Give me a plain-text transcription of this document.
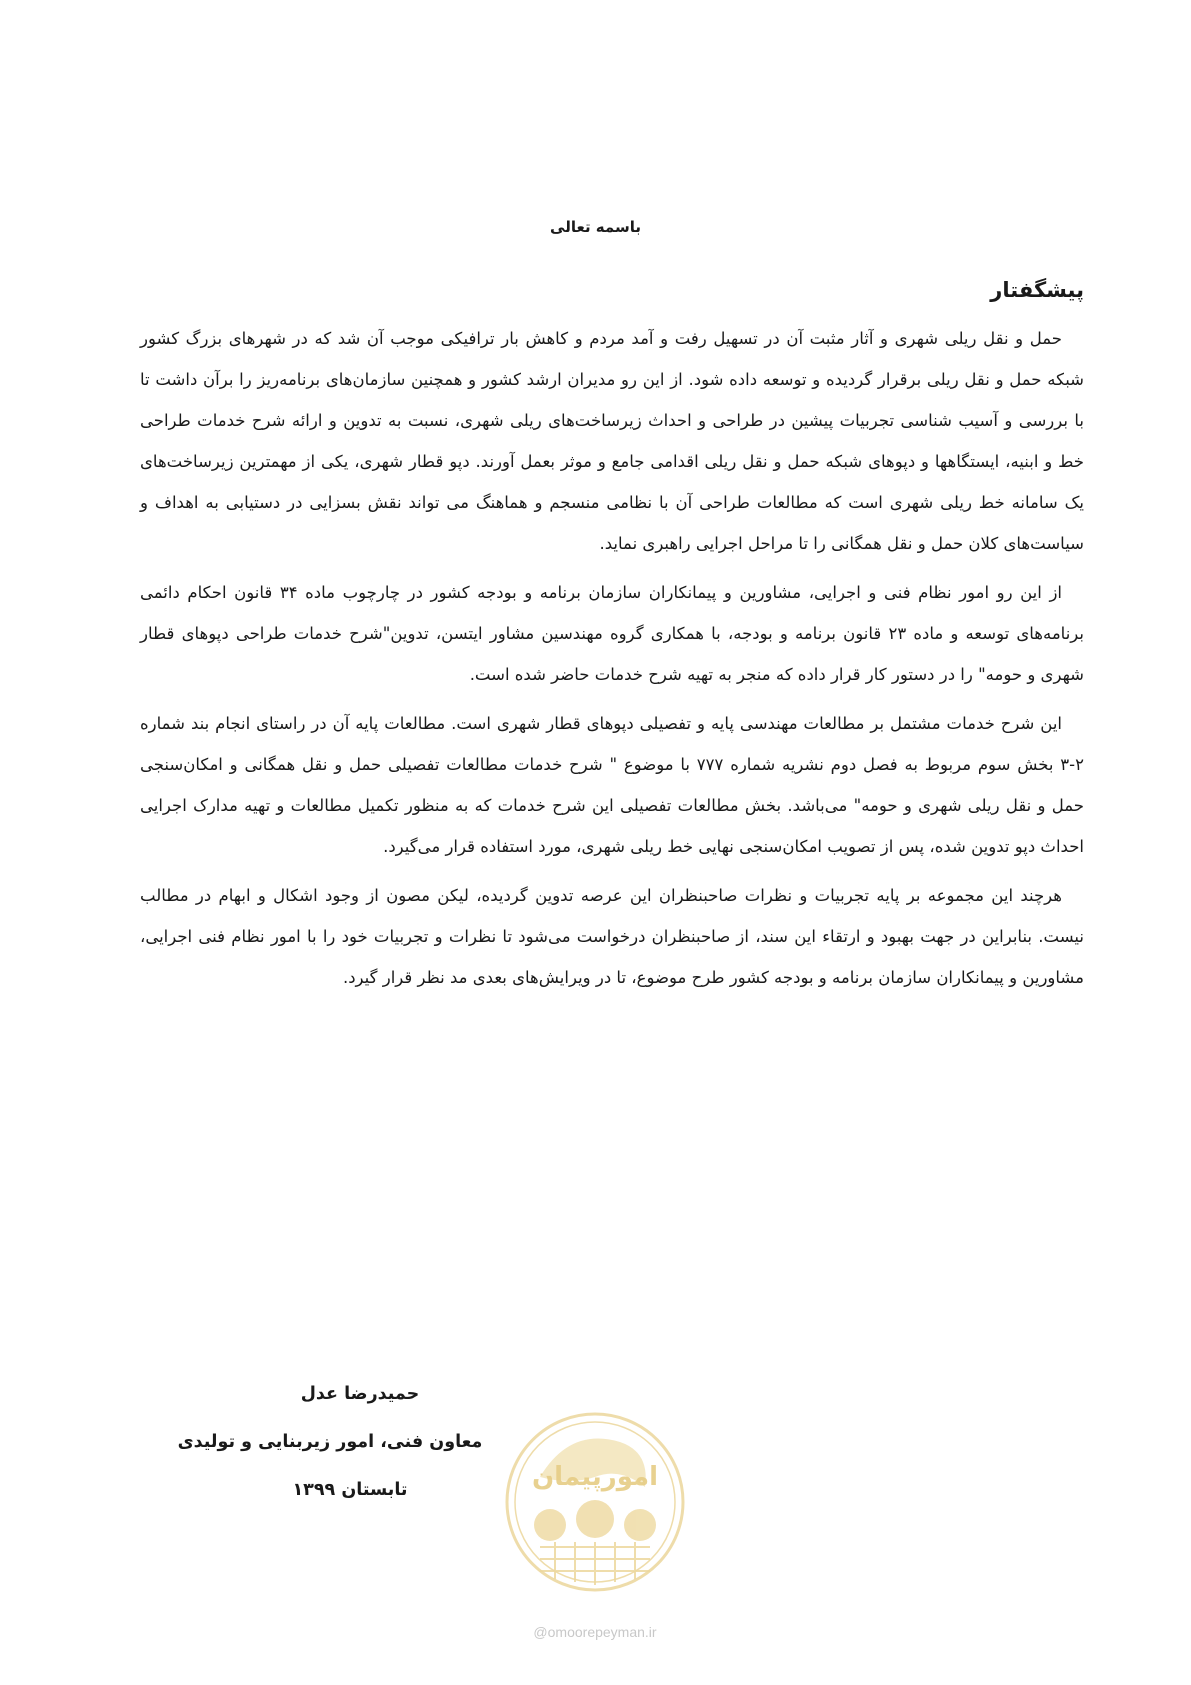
باسمه تعالی
پیشگفتار

حمل و نقل ریلی شهری و آثار مثبت آن در تسهیل رفت و آمد مردم و کاهش بار ترافیکی موجب آن شد که در شهرهای بزرگ کشور شبکه حمل و نقل ریلی برقرار گردیده و توسعه داده شود. از این رو مدیران ارشد کشور و همچنین سازمان‌های برنامه‌ریز را برآن داشت تا با بررسی و آسیب شناسی تجربیات پیشین در طراحی و احداث زیرساخت‌های ریلی شهری، نسبت به تدوین و ارائه شرح خدمات طراحی خط و ابنیه، ایستگاهها و دپوهای شبکه حمل و نقل ریلی اقدامی جامع و موثر بعمل آورند. دپو قطار شهری، یکی از مهمترین زیرساخت‌های یک سامانه خط ریلی شهری است که مطالعات طراحی آن با نظامی منسجم و هماهنگ می تواند نقش بسزایی در دستیابی به اهداف و سیاست‌های کلان حمل و نقل همگانی را تا مراحل اجرایی راهبری نماید.

از این رو امور نظام فنی و اجرایی، مشاورین و پیمانکاران سازمان برنامه و بودجه کشور در چارچوب ماده ۳۴ قانون احکام دائمی برنامه‌های توسعه و ماده ۲۳ قانون برنامه و بودجه، با همکاری گروه مهندسین مشاور ایتسن، تدوین"شرح خدمات طراحی دپوهای قطار شهری و حومه" را در دستور کار قرار داده که منجر به تهیه شرح خدمات حاضر شده است.

این شرح خدمات مشتمل بر مطالعات مهندسی پایه و تفصیلی دپوهای قطار شهری است. مطالعات پایه آن در راستای انجام بند شماره ۲-۳ بخش سوم مربوط به فصل دوم نشریه شماره ۷۷۷ با موضوع " شرح خدمات مطالعات تفصیلی حمل و نقل همگانی و امکان‌سنجی حمل و نقل ریلی شهری و حومه" می‌باشد. بخش مطالعات تفصیلی این شرح خدمات که به منظور تکمیل مطالعات و تهیه مدارک اجرایی احداث دپو تدوین شده، پس از تصویب امکان‌سنجی نهایی خط ریلی شهری، مورد استفاده قرار می‌گیرد.

هرچند این مجموعه بر پایه تجربیات و نظرات صاحبنظران این عرصه تدوین گردیده، لیکن مصون از وجود اشکال و ابهام در مطالب نیست. بنابراین در جهت بهبود و ارتقاء این سند، از صاحبنظران درخواست می‌شود تا نظرات و تجربیات خود را با امور نظام فنی اجرایی، مشاورین و پیمانکاران سازمان برنامه و بودجه کشور طرح موضوع، تا در ویرایش‌های بعدی مد نظر قرار گیرد.

حمیدرضا عدل
معاون فنی، امور زیربنایی و تولیدی
تابستان ۱۳۹۹	امورپیمان
@omoorepeyman.ir
